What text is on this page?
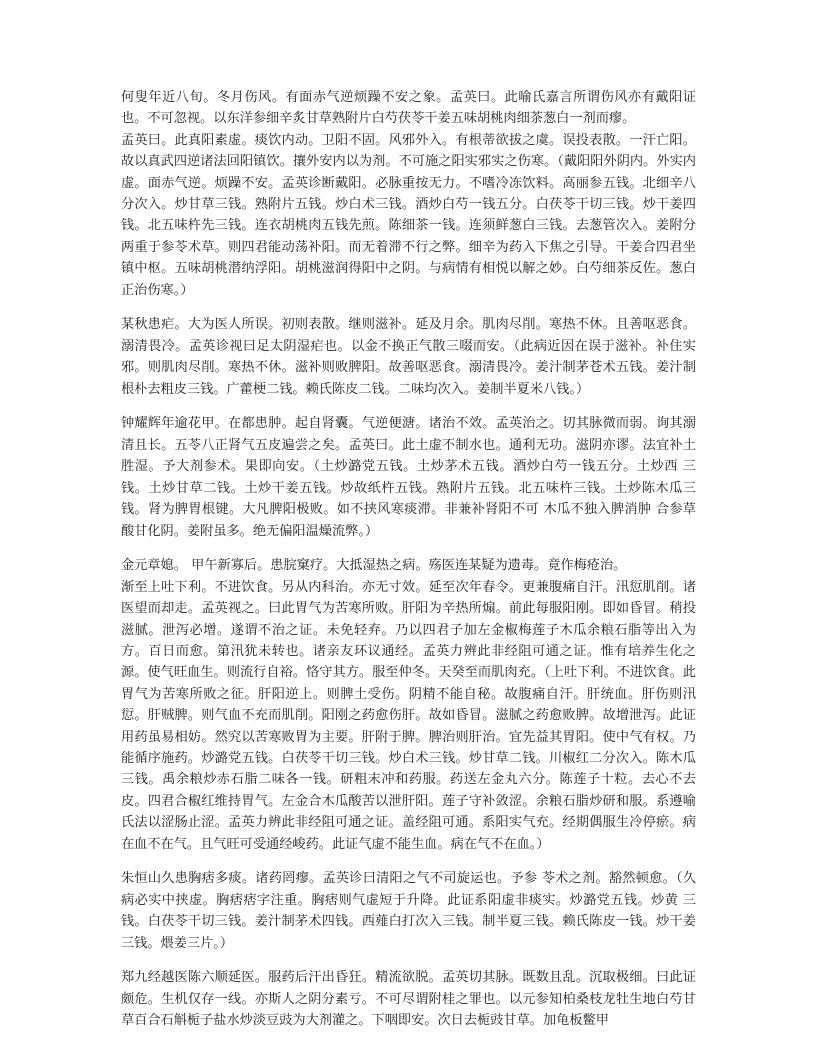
何叟年近八旬。冬月伤风。有面赤气逆烦躁不安之象。孟英曰。此喻氏嘉言所谓伤风亦有戴阳证也。不可忽视。以东洋参细辛炙甘草熟附片白芍茯苓干姜五味胡桃肉细茶葱白一剂而瘳。

孟英曰。此真阳素虚。痰饮内动。卫阳不固。风邪外入。有根蒂欲拔之虞。误投表散。一汗亡阳。故以真武四逆诸法回阳镇饮。攘外安内以为剂。不可施之阳实邪实之伤寒。（戴阳阳外阴内。外实内虚。面赤气逆。烦躁不安。孟英诊断戴阳。必脉重按无力。不嗜冷冻饮料。高丽参五钱。北细辛八分次入。炒甘草三钱。熟附片五钱。炒白术三钱。酒炒白芍一钱五分。白茯苓干切三钱。炒干姜四钱。北五味杵先三钱。连衣胡桃肉五钱先煎。陈细茶一钱。连须鲜葱白三钱。去葱管次入。姜附分两重于参苓术草。则四君能动荡补阳。而无着滞不行之弊。细辛为药入下焦之引导。干姜合四君坐镇中枢。五味胡桃潜纳浮阳。胡桃滋润得阳中之阴。与病情有相悦以解之妙。白芍细茶反佐。葱白正治伤寒。）

某秋患疟。大为医人所误。初则表散。继则滋补。延及月余。肌肉尽削。寒热不休。且善呕恶食。溺清畏冷。孟英诊视曰足太阴湿疟也。以金不换正气散三啜而安。（此病近因在误于滋补。补住实邪。则肌肉尽削。寒热不休。滋补则败脾阳。故善呕恶食。溺清畏冷。姜汁制茅苍术五钱。姜汁制根朴去粗皮三钱。广藿梗二钱。赖氏陈皮二钱。二味均次入。姜制半夏米八钱。）

钟耀辉年逾花甲。在都患肿。起自肾囊。气逆便溏。诸治不效。孟英治之。切其脉微而弱。询其溺清且长。五苓八正肾气五皮遍尝之矣。孟英曰。此土虚不制水也。通利无功。滋阴亦谬。法宜补土胜湿。予大剂参术。果即向安。（土炒潞党五钱。土炒茅术五钱。酒炒白芍一钱五分。土炒西 三钱。土炒甘草二钱。土炒干姜五钱。炒故纸杵五钱。熟附片五钱。北五味杵三钱。土炒陈木瓜三钱。肾为脾胃根键。大凡脾阳极败。如不挟风寒痰滞。非兼补肾阳不可 木瓜不独入脾消肿 合参草 酸甘化阴。姜附虽多。绝无偏阳温燥流弊。）

金元章媳。 甲午新寡后。患脘窠疗。大抵湿热之病。殇医连某疑为遗毒。竟作梅疮治。

渐至上吐下利。不进饮食。另从内科治。亦无寸效。延至次年春令。更兼腹痛自汗。汛愆肌削。诸医望而却走。孟英视之。曰此胃气为苦寒所败。肝阳为辛热所煽。前此每服阳刚。即如昏冒。稍投滋腻。泄泻必增。遂谓不治之证。未免轻弃。乃以四君子加左金椒梅莲子木瓜余粮石脂等出入为方。百日而愈。第汛犹未转也。诸亲友环议通经。孟英力辨此非经阻可通之证。惟有培养生化之源。使气旺血生。则流行自裕。恪守其方。服至仲冬。天癸至而肌肉充。（上吐下利。不进饮食。此胃气为苦寒所败之征。肝阳逆上。则脾土受伤。阴精不能自秘。故腹痛自汗。肝统血。肝伤则汛愆。肝贼脾。则气血不充而肌削。阳刚之药愈伤肝。故如昏冒。滋腻之药愈败脾。故增泄泻。此证用药虽易相妨。然究以苦寒败胃为主要。肝附于脾。脾治则肝治。宜先益其胃阳。使中气有权。乃能循序施药。炒潞党五钱。白茯苓干切三钱。炒白术三钱。炒甘草二钱。川椒红二分次入。陈木瓜三钱。禹余粮炒赤石脂二味各一钱。研粗末冲和药服。药送左金丸六分。陈莲子十粒。去心不去皮。四君合椒红维持胃气。左金合木瓜酸苦以泄肝阳。莲子守补敛涩。余粮石脂炒研和服。系遵喻氏法以涩肠止涩。孟英力辨此非经阻可通之证。盖经阻可通。系阳实气充。经期偶服生冷停瘀。病在血不在气。且气旺可受通经峻药。此证气虚不能生血。病在气不在血。）

朱恒山久患胸痞多痰。诸药罔瘳。孟英诊曰清阳之气不司旋运也。予参 苓术之剂。豁然顿愈。（久病必实中挟虚。胸痞痞字注重。胸痞则气虚短于升降。此证系阳虚非痰实。炒潞党五钱。炒黄 三钱。白茯苓干切三钱。姜汁制茅术四钱。西薤白打次入三钱。制半夏三钱。赖氏陈皮一钱。炒干姜三钱。煨姜三片。）

郑九经越医陈六顺延医。服药后汗出昏狂。精流欲脱。孟英切其脉。既数且乱。沉取极细。曰此证颇危。生机仅存一线。亦斯人之阴分素亏。不可尽谓附桂之罪也。以元参知柏桑枝龙牡生地白芍甘草百合石斛栀子盐水炒淡豆豉为大剂灌之。下咽即安。次日去栀豉甘草。加龟板鳖甲
